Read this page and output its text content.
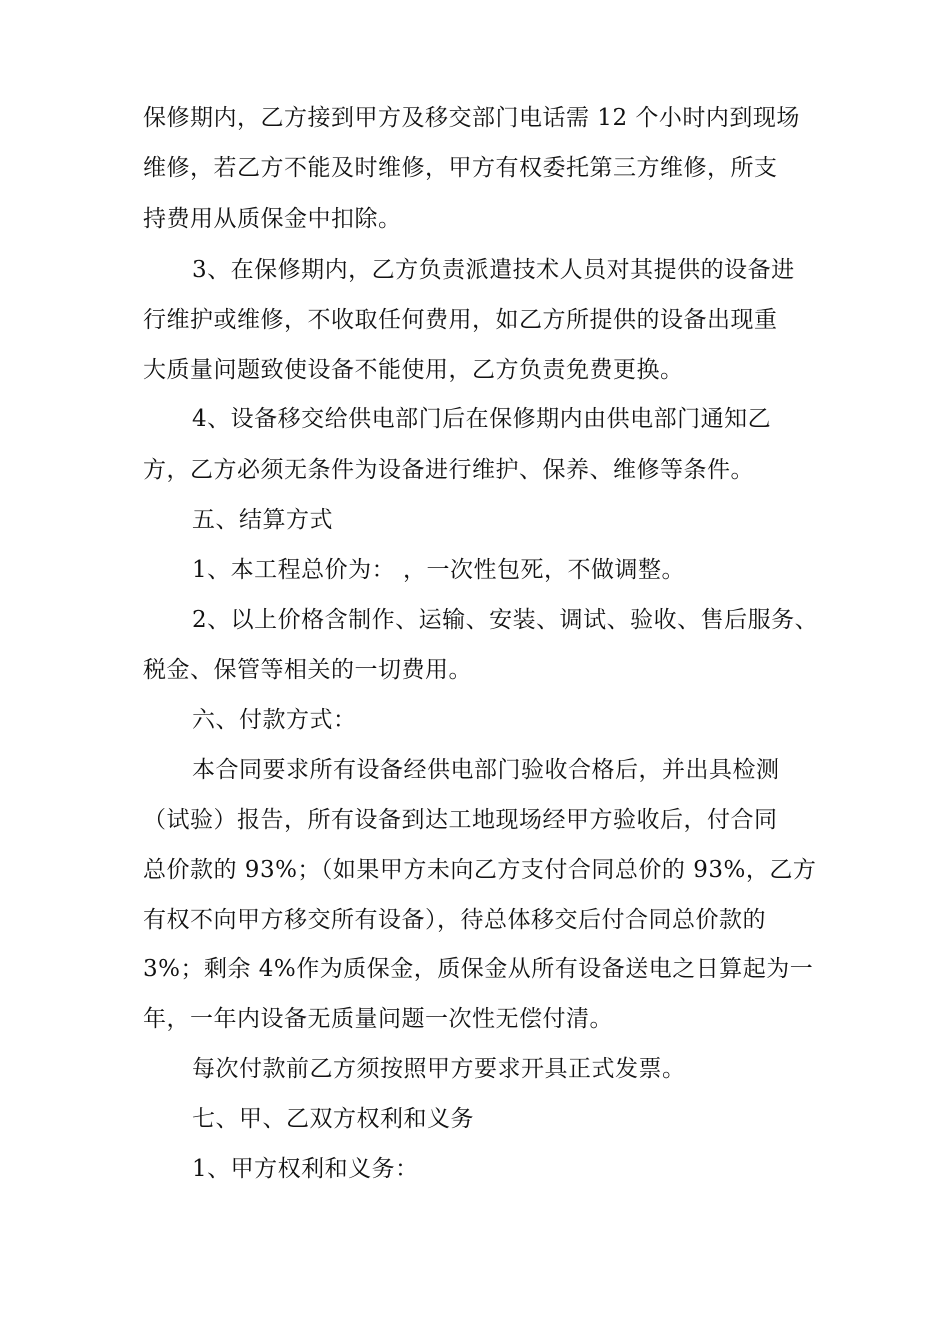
保修期内，乙方接到甲方及移交部门电话需 12 个小时内到现场
维修，若乙方不能及时维修，甲方有权委托第三方维修，所支
持费用从质保金中扣除。
3、在保修期内，乙方负责派遣技术人员对其提供的设备进
行维护或维修，不收取任何费用，如乙方所提供的设备出现重
大质量问题致使设备不能使用，乙方负责免费更换。
4、设备移交给供电部门后在保修期内由供电部门通知乙
方，乙方必须无条件为设备进行维护、保养、维修等条件。
五、结算方式
1、本工程总价为： ，一次性包死，不做调整。
2、以上价格含制作、运输、安装、调试、验收、售后服务、
税金、保管等相关的一切费用。
六、付款方式：
本合同要求所有设备经供电部门验收合格后，并出具检测
（试验）报告，所有设备到达工地现场经甲方验收后，付合同
总价款的 93%；（如果甲方未向乙方支付合同总价的 93%，乙方
有权不向甲方移交所有设备），待总体移交后付合同总价款的
3%；剩余 4%作为质保金，质保金从所有设备送电之日算起为一
年，一年内设备无质量问题一次性无偿付清。
每次付款前乙方须按照甲方要求开具正式发票。
七、甲、乙双方权利和义务
1、甲方权利和义务：
